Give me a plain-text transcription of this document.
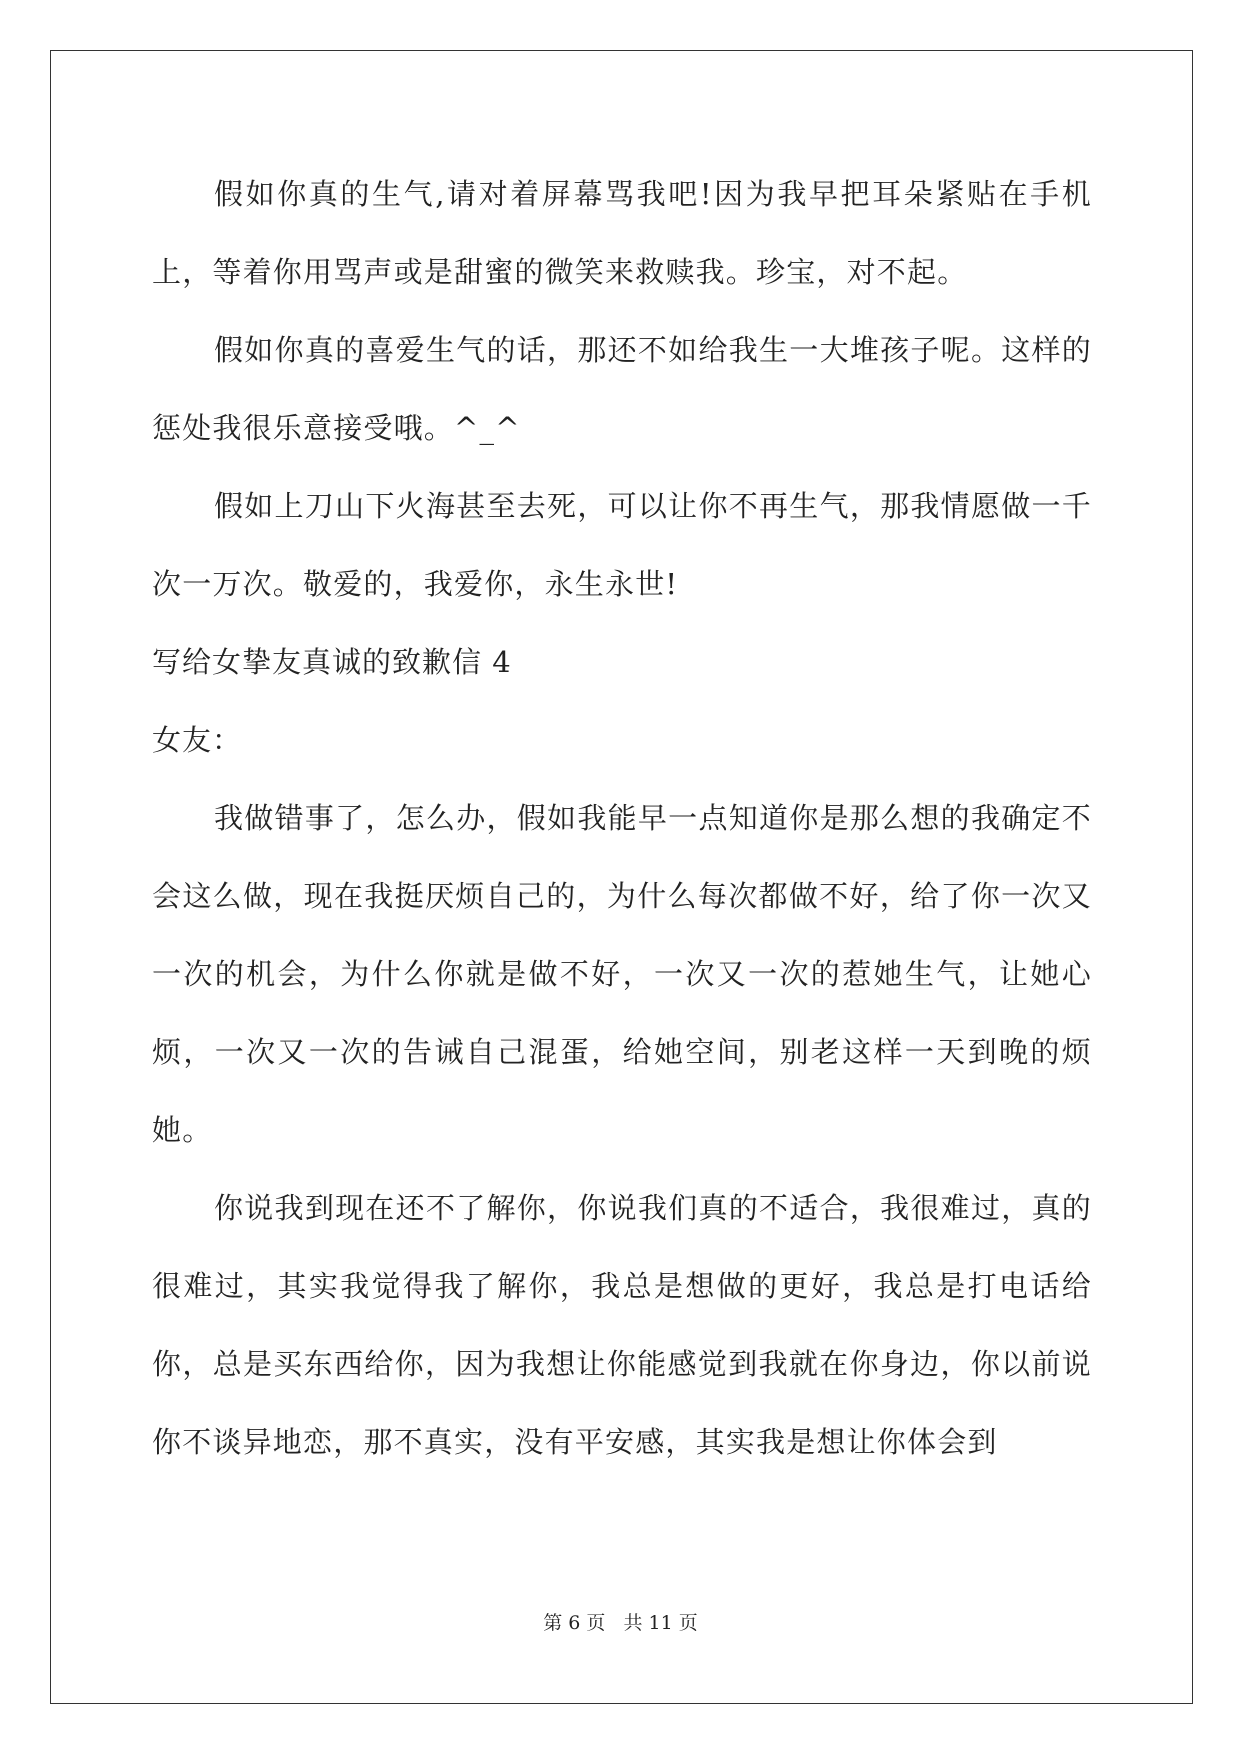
假如你真的生气,请对着屏幕骂我吧!因为我早把耳朵紧贴在手机上，等着你用骂声或是甜蜜的微笑来救赎我。珍宝，对不起。

假如你真的喜爱生气的话，那还不如给我生一大堆孩子呢。这样的惩处我很乐意接受哦。^_^

假如上刀山下火海甚至去死，可以让你不再生气，那我情愿做一千次一万次。敬爱的，我爱你，永生永世!

写给女挚友真诚的致歉信 4

女友：

我做错事了，怎么办，假如我能早一点知道你是那么想的我确定不会这么做，现在我挺厌烦自己的，为什么每次都做不好，给了你一次又一次的机会，为什么你就是做不好，一次又一次的惹她生气，让她心烦，一次又一次的告诫自己混蛋，给她空间，别老这样一天到晚的烦她。

你说我到现在还不了解你，你说我们真的不适合，我很难过，真的很难过，其实我觉得我了解你，我总是想做的更好，我总是打电话给你，总是买东西给你，因为我想让你能感觉到我就在你身边，你以前说你不谈异地恋，那不真实，没有平安感，其实我是想让你体会到

第 6 页 共 11 页
